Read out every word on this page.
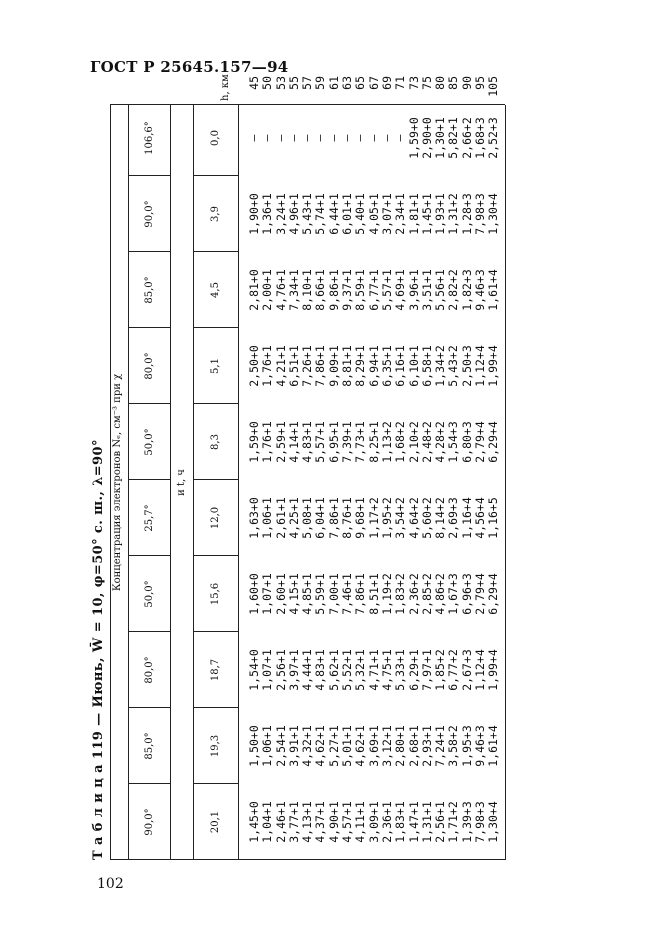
ГОСТ Р 25645.157—94
Т а б л и ц а 119 — Июнь, W̄ = 10, φ=50° с. ш., λ=90° Концентрация электронов Nₑ, см⁻³ при χ	и t, ч
h, км
106,6°
90,0°
85,0°
80,0°
50,0°
25,7°
50,0°
80,0°
85,0°
90,0°
0,0
3,9
4,5
5,1
8,3
12,0
15,6
18,7
19,3
20,1
45 50 53 55 57 59 61 63 65 67 69 71 73 75 80 85 90 95 105
— — — — — — — — — — — — 1,59+0 2,90+0 1,30+1 5,82+1 2,66+2 1,68+3 2,52+3
1,90+0 1,36+1 3,24+1 4,96+1 5,43+1 5,74+1 6,44+1 6,01+1 5,40+1 4,05+1 3,07+1 2,34+1 1,81+1 1,45+1 1,93+1 1,31+2 1,28+3 7,98+3 1,30+4
2,81+0 2,00+1 4,76+1 7,34+1 8,10+1 8,66+1 9,86+1 9,37+1 8,59+1 6,77+1 5,57+1 4,69+1 3,96+1 3,51+1 5,56+1 2,82+2 1,82+3 9,46+3 1,61+4
2,50+0 1,76+1 4,21+1 6,51+1 7,26+1 7,86+1 9,09+1 8,81+1 8,29+1 6,94+1 6,35+1 6,16+1 6,10+1 6,58+1 1,34+2 5,43+2 2,50+3 1,12+4 1,99+4
1,59+0 1,76+1 2,59+1 4,14+1 4,83+1 5,57+1 6,95+1 7,39+1 7,73+1 8,25+1 1,13+2 1,68+2 2,10+2 2,48+2 4,28+2 1,54+3 6,80+3 2,79+4 6,29+4
1,63+0 1,06+1 2,61+1 4,25+1 5,08+1 6,04+1 7,86+1 8,76+1 9,68+1 1,17+2 1,95+2 3,54+2 4,64+2 5,60+2 8,14+2 2,69+3 1,16+4 4,56+4 1,16+5
1,60+0 1,07+1 2,60+1 4,15+1 4,85+1 5,59+1 7,00+1 7,46+1 7,86+1 8,51+1 1,19+2 1,83+2 2,36+2 2,85+2 4,86+2 1,67+3 6,96+3 2,79+4 6,29+4
1,54+0 1,07+1 2,56+1 3,97+1 4,44+1 4,83+1 5,62+1 5,52+1 5,32+1 4,71+1 4,75+1 5,33+1 6,29+1 7,97+1 1,85+2 6,77+2 2,67+3 1,12+4 1,99+4
1,50+0 1,06+1 2,54+1 3,91+1 4,32+1 4,62+1 5,27+1 5,01+1 4,62+1 3,69+1 3,12+1 2,80+1 2,68+1 2,93+1 7,24+1 3,58+2 1,95+3 9,46+3 1,61+4
1,45+0 1,04+1 2,46+1 3,77+1 4,13+1 4,37+1 4,90+1 4,57+1 4,11+1 3,09+1 2,36+1 1,83+1 1,47+1 1,31+1 2,56+1 1,71+2 1,39+3 7,98+3 1,30+4
102
